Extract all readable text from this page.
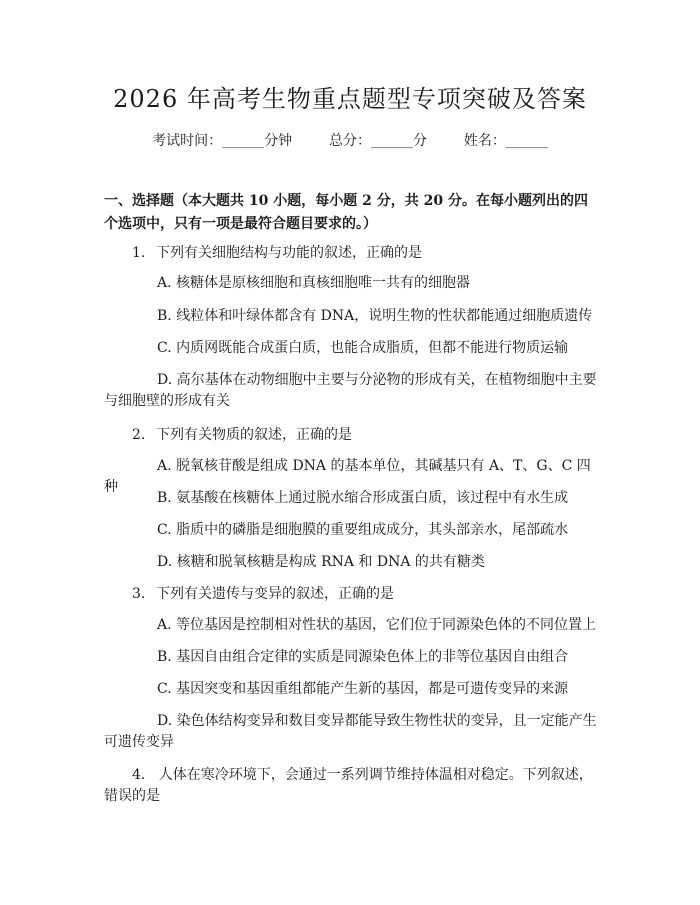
2026 年高考生物重点题型专项突破及答案
考试时间：______分钟	总分：______分	姓名：______
一、选择题（本大题共 10 小题，每小题 2 分，共 20 分。在每小题列出的四个选项中，只有一项是最符合题目要求的。）
1. 下列有关细胞结构与功能的叙述，正确的是
A. 核糖体是原核细胞和真核细胞唯一共有的细胞器
B. 线粒体和叶绿体都含有 DNA，说明生物的性状都能通过细胞质遗传
C. 内质网既能合成蛋白质，也能合成脂质，但都不能进行物质运输
D. 高尔基体在动物细胞中主要与分泌物的形成有关，在植物细胞中主要与细胞壁的形成有关
2. 下列有关物质的叙述，正确的是
A. 脱氧核苷酸是组成 DNA 的基本单位，其碱基只有 A、T、G、C 四种
B. 氨基酸在核糖体上通过脱水缩合形成蛋白质，该过程中有水生成
C. 脂质中的磷脂是细胞膜的重要组成成分，其头部亲水，尾部疏水
D. 核糖和脱氧核糖是构成 RNA 和 DNA 的共有糖类
3. 下列有关遗传与变异的叙述，正确的是
A. 等位基因是控制相对性状的基因，它们位于同源染色体的不同位置上
B. 基因自由组合定律的实质是同源染色体上的非等位基因自由组合
C. 基因突变和基因重组都能产生新的基因，都是可遗传变异的来源
D. 染色体结构变异和数目变异都能导致生物性状的变异，且一定能产生可遗传变异
4. 人体在寒冷环境下，会通过一系列调节维持体温相对稳定。下列叙述，错误的是
